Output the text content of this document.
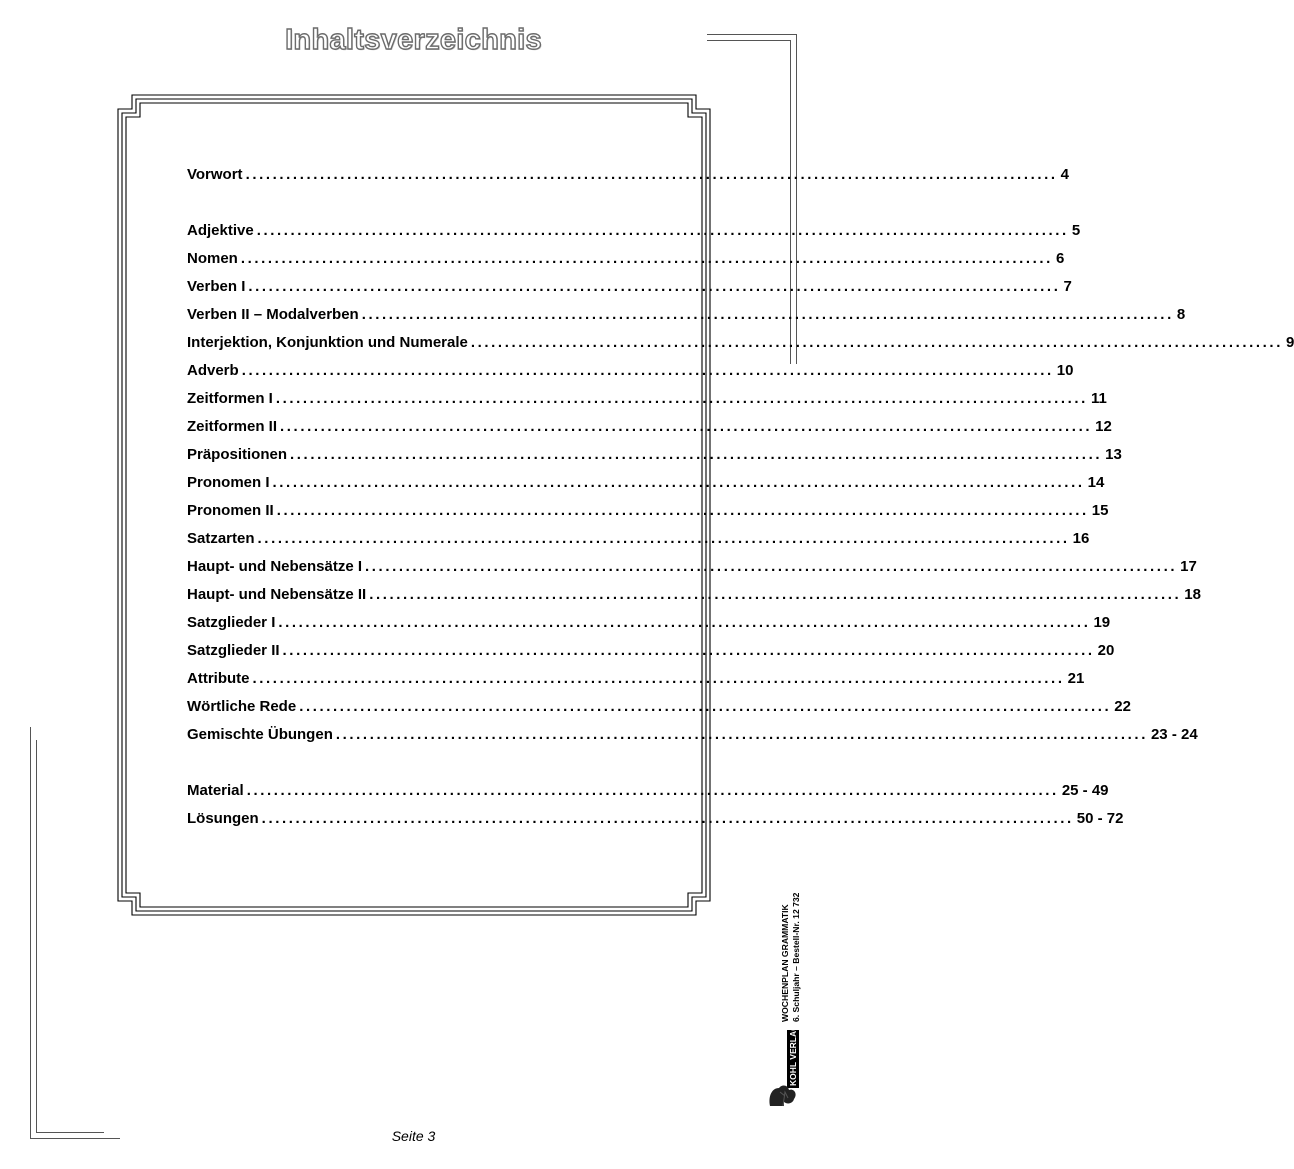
Inhaltsverzeichnis
Vorwort ........................................................................................................................ 4
Adjektive ........................................................................................................................ 5
Nomen ........................................................................................................................ 6
Verben I ........................................................................................................................ 7
Verben II – Modalverben ........................................................................................................................ 8
Interjektion, Konjunktion und Numerale ........................................................................................................................ 9
Adverb ........................................................................................................................ 10
Zeitformen I ........................................................................................................................ 11
Zeitformen II ........................................................................................................................ 12
Präpositionen ........................................................................................................................ 13
Pronomen I ........................................................................................................................ 14
Pronomen II ........................................................................................................................ 15
Satzarten ........................................................................................................................ 16
Haupt- und Nebensätze I ........................................................................................................................ 17
Haupt- und Nebensätze II ........................................................................................................................ 18
Satzglieder I ........................................................................................................................ 19
Satzglieder II ........................................................................................................................ 20
Attribute ........................................................................................................................ 21
Wörtliche Rede ........................................................................................................................ 22
Gemischte Übungen ........................................................................................................................ 23 - 24
Material ........................................................................................................................ 25 - 49
Lösungen ........................................................................................................................ 50 - 72
WOCHENPLAN GRAMMATIK 6. Schuljahr – Bestell-Nr. 12 732
KOHL VERLAG
Seite 3
